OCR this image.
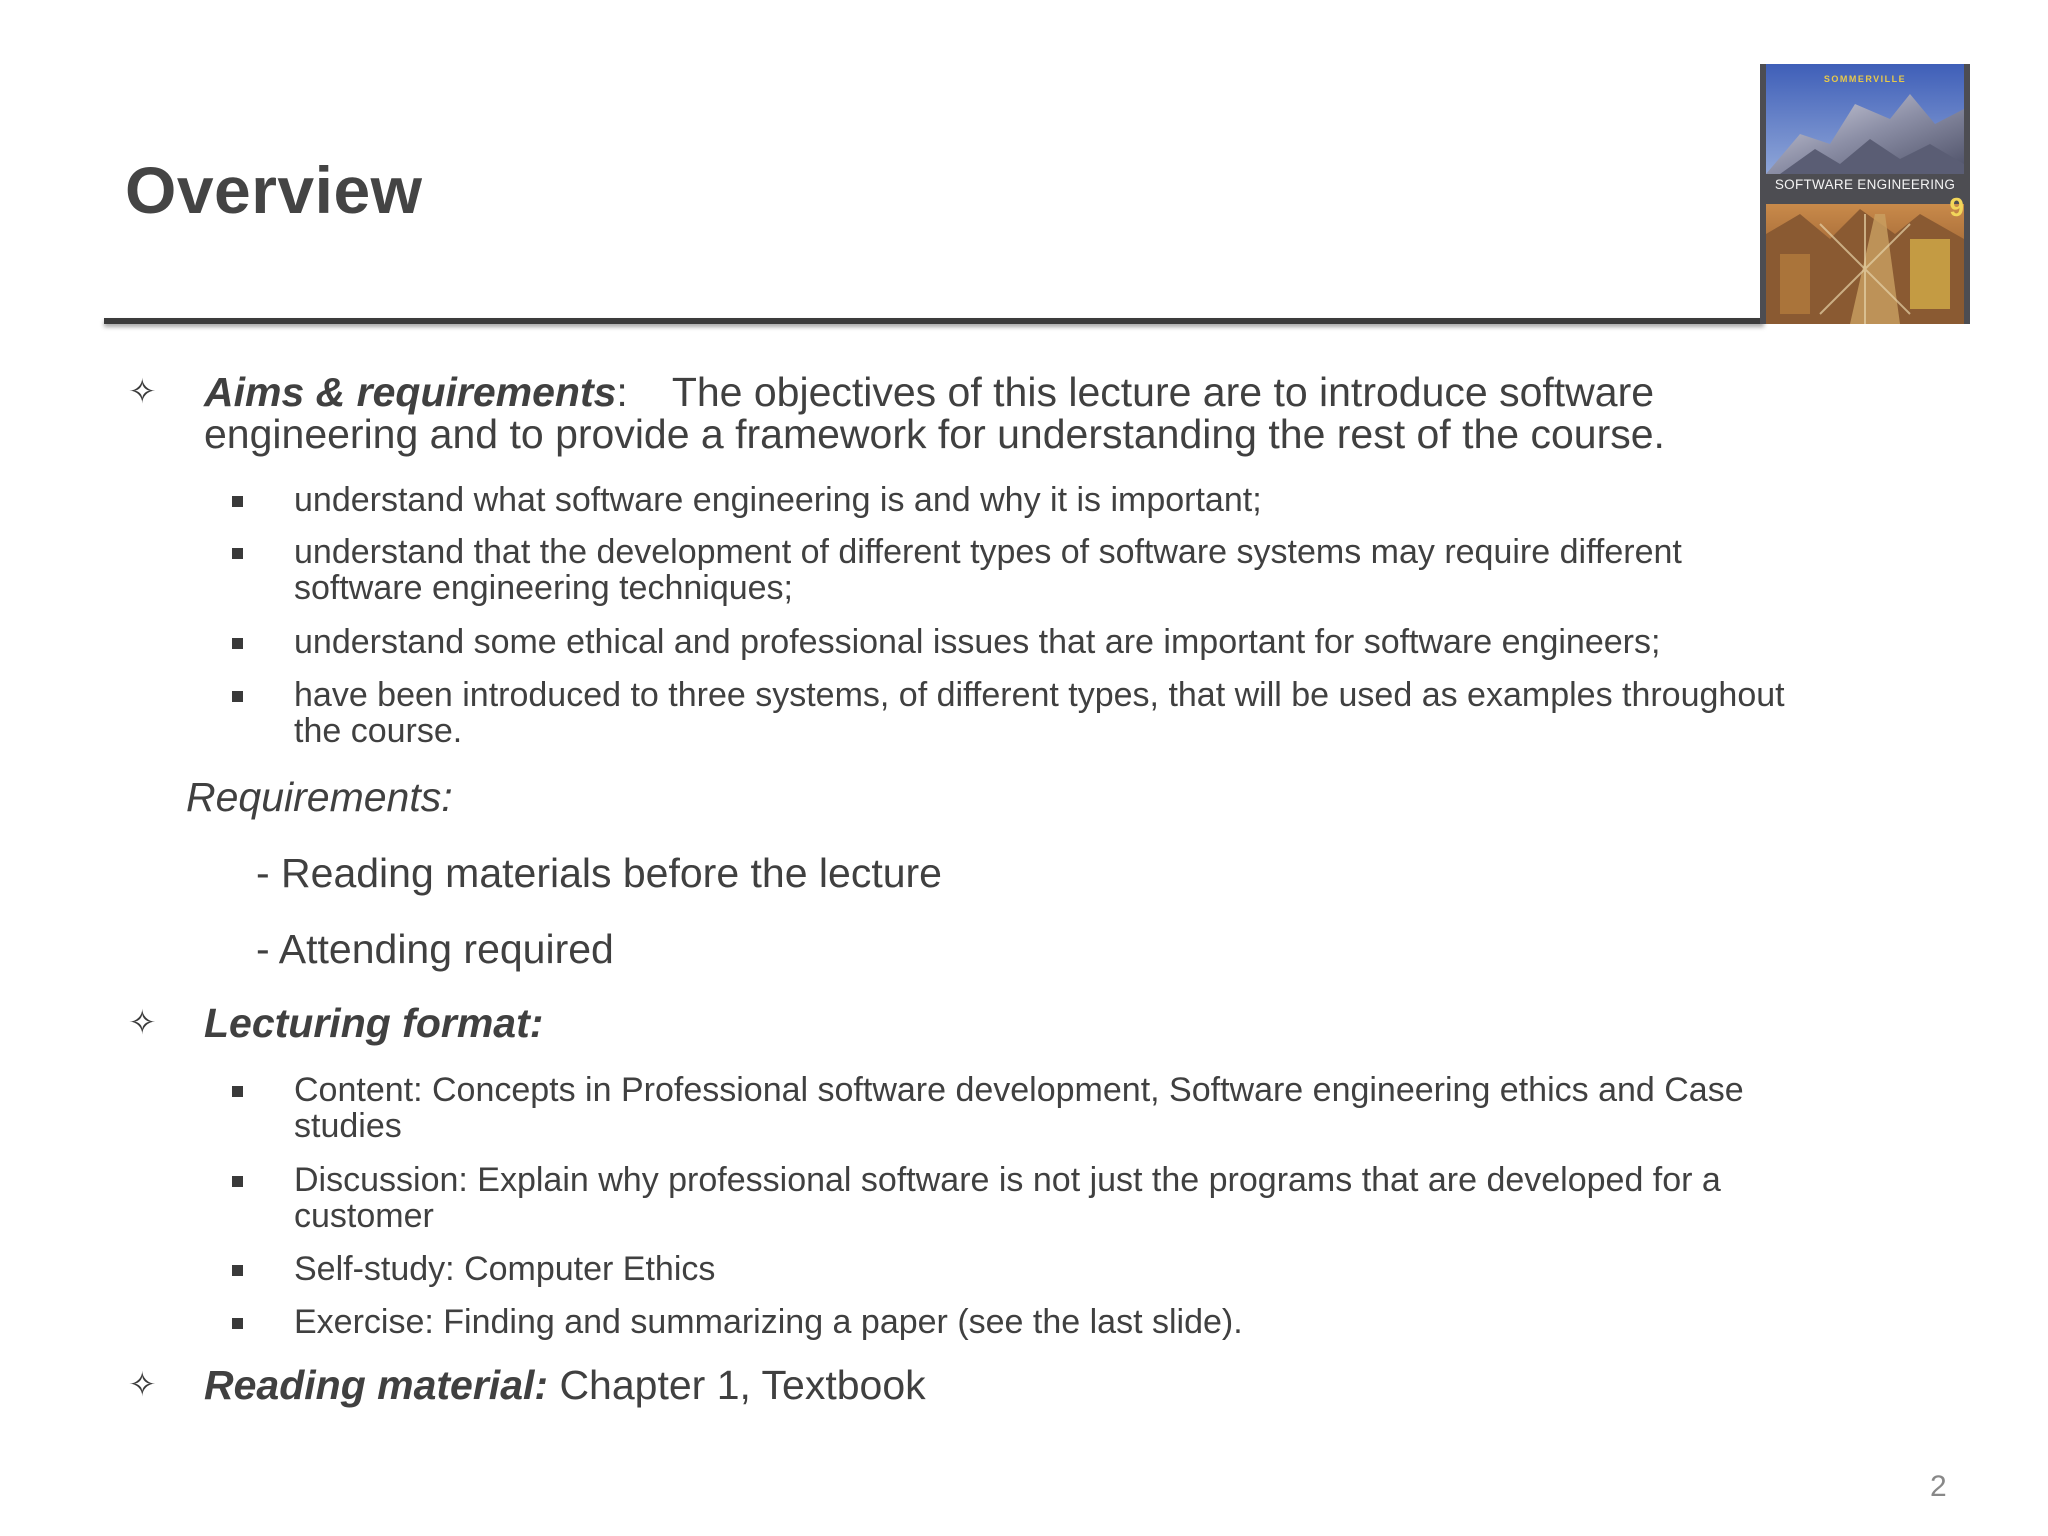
Overview
SOMMERVILLE
SOFTWARE ENGINEERING
9
✧ Aims & requirements: The objectives of this lecture are to introduce software
engineering and to provide a framework for understanding the rest of the course.
understand what software engineering is and why it is important;
understand that the development of different types of software systems may require different
software engineering techniques;
understand some ethical and professional issues that are important for software engineers;
have been introduced to three systems, of different types, that will be used as examples throughout
the course.
Requirements:
- Reading materials before the lecture
- Attending required
✧ Lecturing format:
Content: Concepts in Professional software development, Software engineering ethics and Case
studies
Discussion: Explain why professional software is not just the programs that are developed for a
customer
Self-study: Computer Ethics
Exercise: Finding and summarizing a paper (see the last slide).
✧ Reading material: Chapter 1, Textbook
2
